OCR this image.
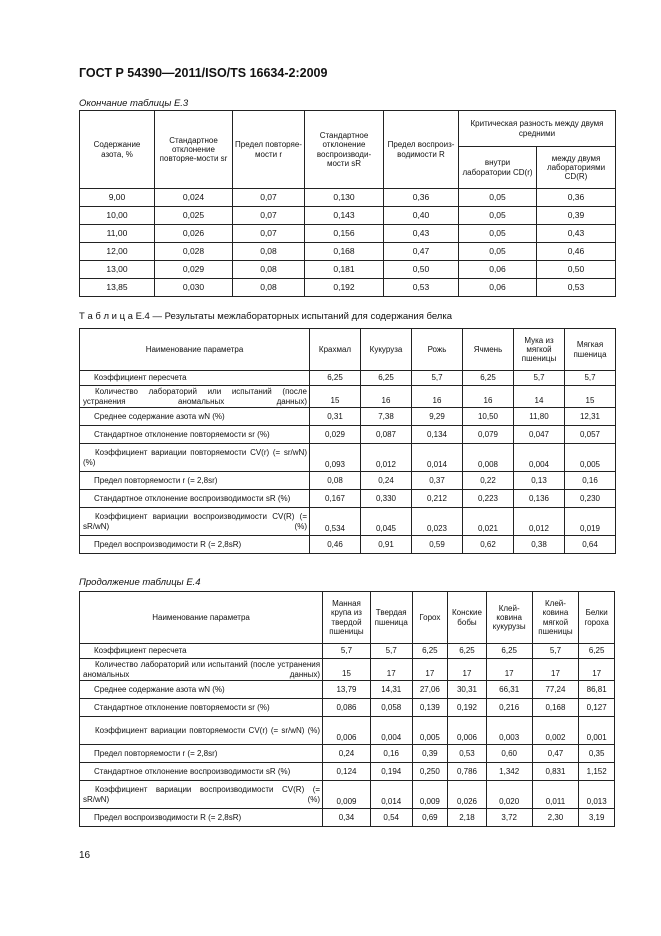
ГОСТ Р 54390—2011/ISO/TS 16634-2:2009
Окончание таблицы Е.3
Содержание азота, %	Стандартное отклонение повторяе-мости sr	Предел повторяе-мости r	Стандартное отклонение воспроизводи-мости sR	Предел воспроиз-водимости R	Критическая разность между двумя средними	
					внутри лаборатории CD(r)	между двумя лабораториями CD(R)
9,00	0,024	0,07	0,130	0,36	0,05	0,36
10,00	0,025	0,07	0,143	0,40	0,05	0,39
11,00	0,026	0,07	0,156	0,43	0,05	0,43
12,00	0,028	0,08	0,168	0,47	0,05	0,46
13,00	0,029	0,08	0,181	0,50	0,06	0,50
13,85	0,030	0,08	0,192	0,53	0,06	0,53
Т а б л и ц а Е.4 — Результаты межлабораторных испытаний для содержания белка
Наименование параметра	Крахмал	Кукуруза	Рожь	Ячмень	Мука из мягкой пшеницы	Мягкая пшеница
Коэффициент пересчета	6,25	6,25	5,7	6,25	5,7	5,7
Количество лабораторий или испытаний (после устранения аномальных данных)	15	16	16	16	14	15
Среднее содержание азота wN (%)	0,31	7,38	9,29	10,50	11,80	12,31
Стандартное отклонение повторяемости sr (%)	0,029	0,087	0,134	0,079	0,047	0,057
Коэффициент вариации повторяемости CV(r) (= sr/wN) (%)	0,093	0,012	0,014	0,008	0,004	0,005
Предел повторяемости r (= 2,8sr)	0,08	0,24	0,37	0,22	0,13	0,16
Стандартное отклонение воспроизводимости sR (%)	0,167	0,330	0,212	0,223	0,136	0,230
Коэффициент вариации воспроизводимости CV(R) (= sR/wN) (%)	0,534	0,045	0,023	0,021	0,012	0,019
Предел воспроизводимости R (= 2,8sR)	0,46	0,91	0,59	0,62	0,38	0,64
Продолжение таблицы Е.4
Наименование параметра	Манная крупа из твердой пшеницы	Твердая пшеница	Горох	Конские бобы	Клей-ковина кукурузы	Клей-ковина мягкой пшеницы	Белки гороха
Коэффициент пересчета	5,7	5,7	6,25	6,25	6,25	5,7	6,25
Количество лабораторий или испытаний (после устранения аномальных данных)	15	17	17	17	17	17	17
Среднее содержание азота wN (%)	13,79	14,31	27,06	30,31	66,31	77,24	86,81
Стандартное отклонение повторяемости sr (%)	0,086	0,058	0,139	0,192	0,216	0,168	0,127
Коэффициент вариации повторяемости CV(r) (= sr/wN) (%)	0,006	0,004	0,005	0,006	0,003	0,002	0,001
Предел повторяемости r (= 2,8sr)	0,24	0,16	0,39	0,53	0,60	0,47	0,35
Стандартное отклонение воспроизводимости sR (%)	0,124	0,194	0,250	0,786	1,342	0,831	1,152
Коэффициент вариации воспроизводимости CV(R) (= sR/wN) (%)	0,009	0,014	0,009	0,026	0,020	0,011	0,013
Предел воспроизводимости R (= 2,8sR)	0,34	0,54	0,69	2,18	3,72	2,30	3,19
16
